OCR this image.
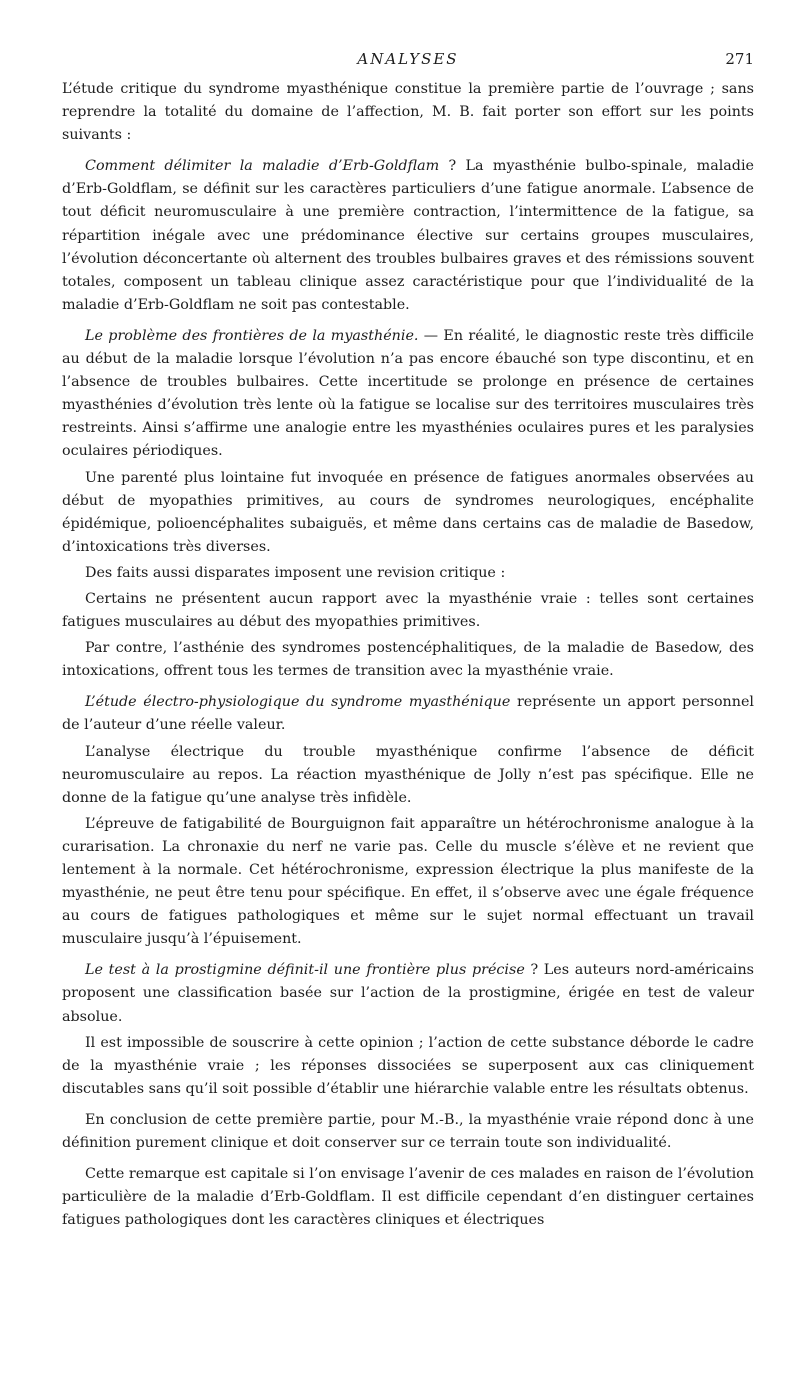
ANALYSES	271

L’étude critique du syndrome myasthénique constitue la première partie de l’ouvrage ; sans reprendre la totalité du domaine de l’affection, M. B. fait porter son effort sur les points suivants :

Comment délimiter la maladie d’Erb-Goldflam ? La myasthénie bulbo-spinale, maladie d’Erb-Goldflam, se définit sur les caractères particuliers d’une fatigue anormale. L’absence de tout déficit neuromusculaire à une première contraction, l’intermittence de la fatigue, sa répartition inégale avec une prédominance élective sur certains groupes musculaires, l’évolution déconcertante où alternent des troubles bulbaires graves et des rémissions souvent totales, composent un tableau clinique assez caractéristique pour que l’individualité de la maladie d’Erb-Goldflam ne soit pas contestable.

Le problème des frontières de la myasthénie. — En réalité, le diagnostic reste très difficile au début de la maladie lorsque l’évolution n’a pas encore ébauché son type discontinu, et en l’absence de troubles bulbaires. Cette incertitude se prolonge en présence de certaines myasthénies d’évolution très lente où la fatigue se localise sur des territoires musculaires très restreints. Ainsi s’affirme une analogie entre les myasthénies oculaires pures et les paralysies oculaires périodiques.

Une parenté plus lointaine fut invoquée en présence de fatigues anormales observées au début de myopathies primitives, au cours de syndromes neurologiques, encéphalite épidémique, polioencéphalites subaiguës, et même dans certains cas de maladie de Basedow, d’intoxications très diverses.

Des faits aussi disparates imposent une revision critique :

Certains ne présentent aucun rapport avec la myasthénie vraie : telles sont certaines fatigues musculaires au début des myopathies primitives.

Par contre, l’asthénie des syndromes postencéphalitiques, de la maladie de Basedow, des intoxications, offrent tous les termes de transition avec la myasthénie vraie.

L’étude électro-physiologique du syndrome myasthénique représente un apport personnel de l’auteur d’une réelle valeur.

L’analyse électrique du trouble myasthénique confirme l’absence de déficit neuromusculaire au repos. La réaction myasthénique de Jolly n’est pas spécifique. Elle ne donne de la fatigue qu’une analyse très infidèle.

L’épreuve de fatigabilité de Bourguignon fait apparaître un hétérochronisme analogue à la curarisation. La chronaxie du nerf ne varie pas. Celle du muscle s’élève et ne revient que lentement à la normale. Cet hétérochronisme, expression électrique la plus manifeste de la myasthénie, ne peut être tenu pour spécifique. En effet, il s’observe avec une égale fréquence au cours de fatigues pathologiques et même sur le sujet normal effectuant un travail musculaire jusqu’à l’épuisement.

Le test à la prostigmine définit-il une frontière plus précise ? Les auteurs nord-américains proposent une classification basée sur l’action de la prostigmine, érigée en test de valeur absolue.

Il est impossible de souscrire à cette opinion ; l’action de cette substance déborde le cadre de la myasthénie vraie ; les réponses dissociées se superposent aux cas cliniquement discutables sans qu’il soit possible d’établir une hiérarchie valable entre les résultats obtenus.

En conclusion de cette première partie, pour M.-B., la myasthénie vraie répond donc à une définition purement clinique et doit conserver sur ce terrain toute son individualité.

Cette remarque est capitale si l’on envisage l’avenir de ces malades en raison de l’évolution particulière de la maladie d’Erb-Goldflam. Il est difficile cependant d’en distinguer certaines fatigues pathologiques dont les caractères cliniques et électriques
